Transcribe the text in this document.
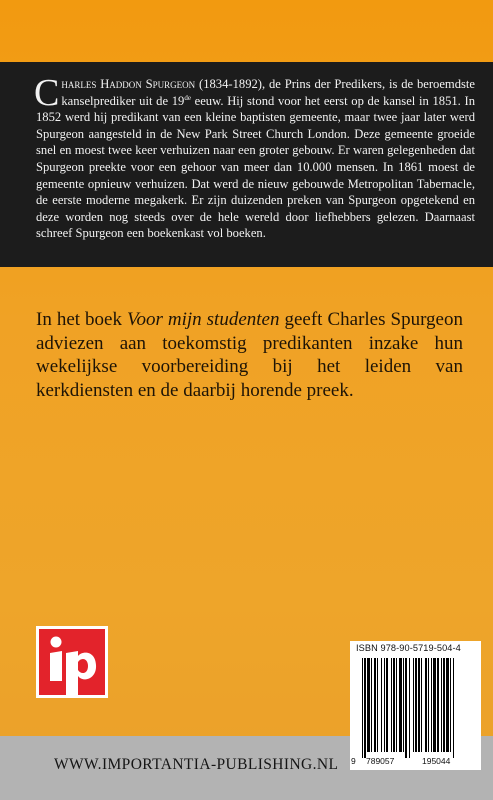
Charles Haddon Spurgeon (1834-1892), de Prins der Predikers, is de beroemdste kanselprediker uit de 19de eeuw. Hij stond voor het eerst op de kansel in 1851. In 1852 werd hij predikant van een kleine baptisten gemeente, maar twee jaar later werd Spurgeon aangesteld in de New Park Street Church London. Deze gemeente groeide snel en moest twee keer verhuizen naar een groter gebouw. Er waren gelegenheden dat Spurgeon preekte voor een gehoor van meer dan 10.000 mensen. In 1861 moest de gemeente opnieuw verhuizen. Dat werd de nieuw gebouwde Metropolitan Tabernacle, de eerste moderne megakerk. Er zijn duizenden preken van Spurgeon opgetekend en deze worden nog steeds over de hele wereld door liefhebbers gelezen. Daarnaast schreef Spurgeon een boekenkast vol boeken.

In het boek Voor mijn studenten geeft Charles Spurgeon adviezen aan toekomstig predikanten inzake hun wekelijkse voorbereiding bij het leiden van kerkdiensten en de daarbij horende preek.

WWW.IMPORTANTIA-PUBLISHING.NL
ISBN 978-90-5719-504-4
9 789057	195044
